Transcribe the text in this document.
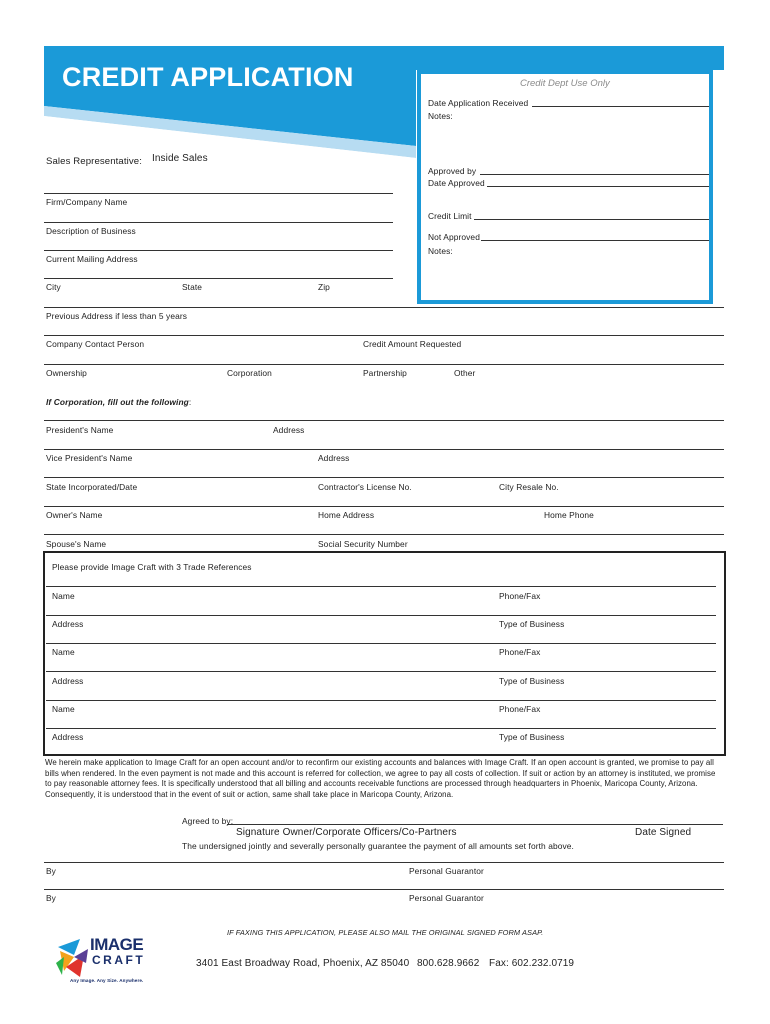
CREDIT APPLICATION	Credit Dept Use Only
Date Application Received
Notes:
Approved by
Date Approved
Credit Limit
Not Approved
Notes:
Sales Representative: Inside Sales
Firm/Company Name
Description of Business
Current Mailing Address
City	State	Zip
Previous Address if less than 5 years
Company Contact Person	Credit Amount Requested
Ownership	Corporation	Partnership	Other
If Corporation, fill out the following:
President's Name	Address
Vice President's Name	Address
State Incorporated/Date	Contractor's License No.	City Resale No.
Owner's Name	Home Address	Home Phone
Spouse's Name	Social Security Number
Please provide Image Craft with 3 Trade References
Name	Phone/Fax
Address	Type of Business
Name	Phone/Fax
Address	Type of Business
Name	Phone/Fax
Address	Type of Business
We herein make application to Image Craft for an open account and/or to reconfirm our existing accounts and balances with Image Craft. If an open account is granted, we promise to pay all bills when rendered. In the even payment is not made and this account is referred for collection, we agree to pay all costs of collection. If suit or action by an attorney is instituted, we promise to pay reasonable attorney fees. It is specifically understood that all billing and accounts receivable functions are processed through headquarters in Phoenix, Maricopa County, Arizona. Consequently, it is understood that in the event of suit or action, same shall take place in Maricopa County, Arizona.
Agreed to by:
Signature Owner/Corporate Officers/Co-Partners	Date Signed
The undersigned jointly and severally personally guarantee the payment of all amounts set forth above.
By	Personal Guarantor
By	Personal Guarantor
IF FAXING THIS APPLICATION, PLEASE ALSO MAIL THE ORIGINAL SIGNED FORM ASAP.
IMAGE
CRAFT
Any Image. Any Size. Anywhere.
3401 East Broadway Road, Phoenix, AZ 85040 800.628.9662 Fax: 602.232.0719
